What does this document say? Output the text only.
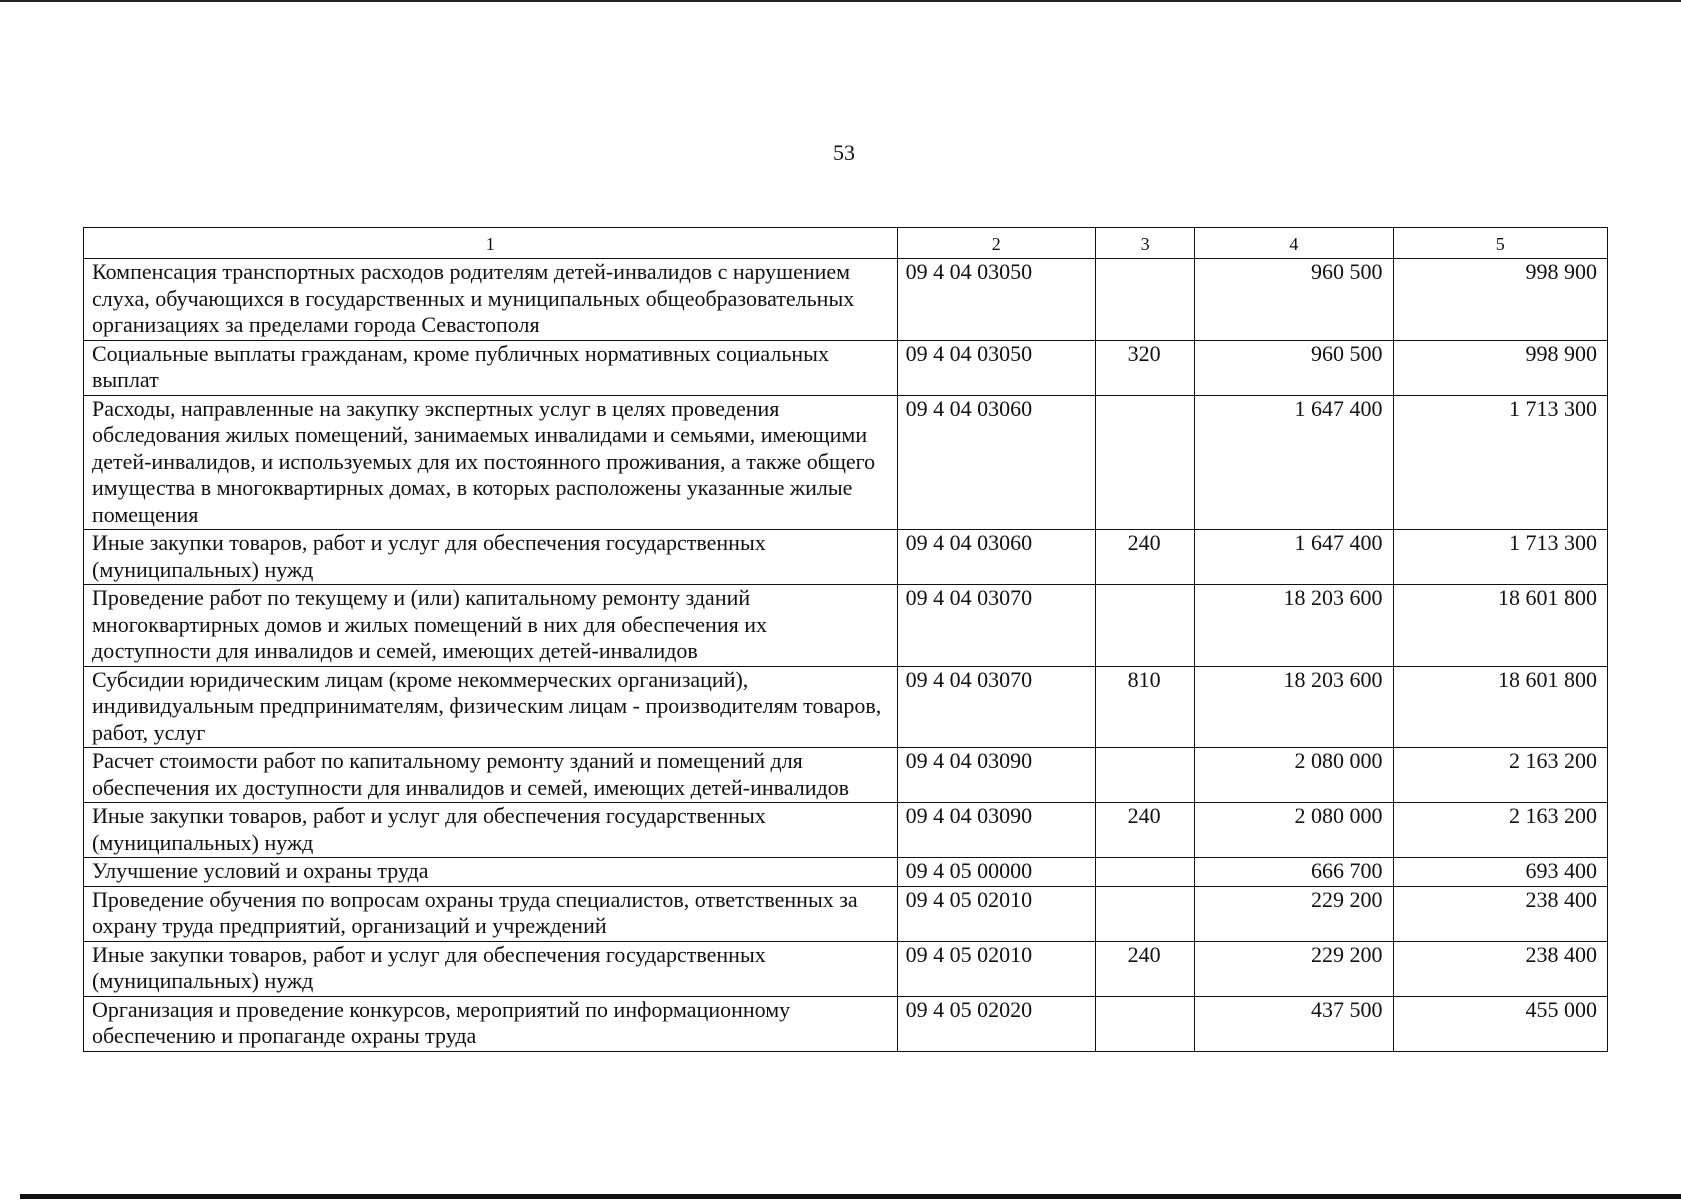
53
1	2	3	4	5
Компенсация транспортных расходов родителям детей-инвалидов с нарушением слуха, обучающихся в государственных и муниципальных общеобразовательных организациях за пределами города Севастополя	09 4 04 03050		960 500	998 900
Социальные выплаты гражданам, кроме публичных нормативных социальных выплат	09 4 04 03050	320	960 500	998 900
Расходы, направленные на закупку экспертных услуг в целях проведения обследования жилых помещений, занимаемых инвалидами и семьями, имеющими детей-инвалидов, и используемых для их постоянного проживания, а также общего имущества в многоквартирных домах, в которых расположены указанные жилые помещения	09 4 04 03060		1 647 400	1 713 300
Иные закупки товаров, работ и услуг для обеспечения государственных (муниципальных) нужд	09 4 04 03060	240	1 647 400	1 713 300
Проведение работ по текущему и (или) капитальному ремонту зданий многоквартирных домов и жилых помещений в них для обеспечения их доступности для инвалидов и семей, имеющих детей-инвалидов	09 4 04 03070		18 203 600	18 601 800
Субсидии юридическим лицам (кроме некоммерческих организаций), индивидуальным предпринимателям, физическим лицам - производителям товаров, работ, услуг	09 4 04 03070	810	18 203 600	18 601 800
Расчет стоимости работ по капитальному ремонту зданий и помещений для обеспечения их доступности для инвалидов и семей, имеющих детей-инвалидов	09 4 04 03090		2 080 000	2 163 200
Иные закупки товаров, работ и услуг для обеспечения государственных (муниципальных) нужд	09 4 04 03090	240	2 080 000	2 163 200
Улучшение условий и охраны труда	09 4 05 00000		666 700	693 400
Проведение обучения по вопросам охраны труда специалистов, ответственных за охрану труда предприятий, организаций и учреждений	09 4 05 02010		229 200	238 400
Иные закупки товаров, работ и услуг для обеспечения государственных (муниципальных) нужд	09 4 05 02010	240	229 200	238 400
Организация и проведение конкурсов, мероприятий по информационному обеспечению и пропаганде охраны труда	09 4 05 02020		437 500	455 000
